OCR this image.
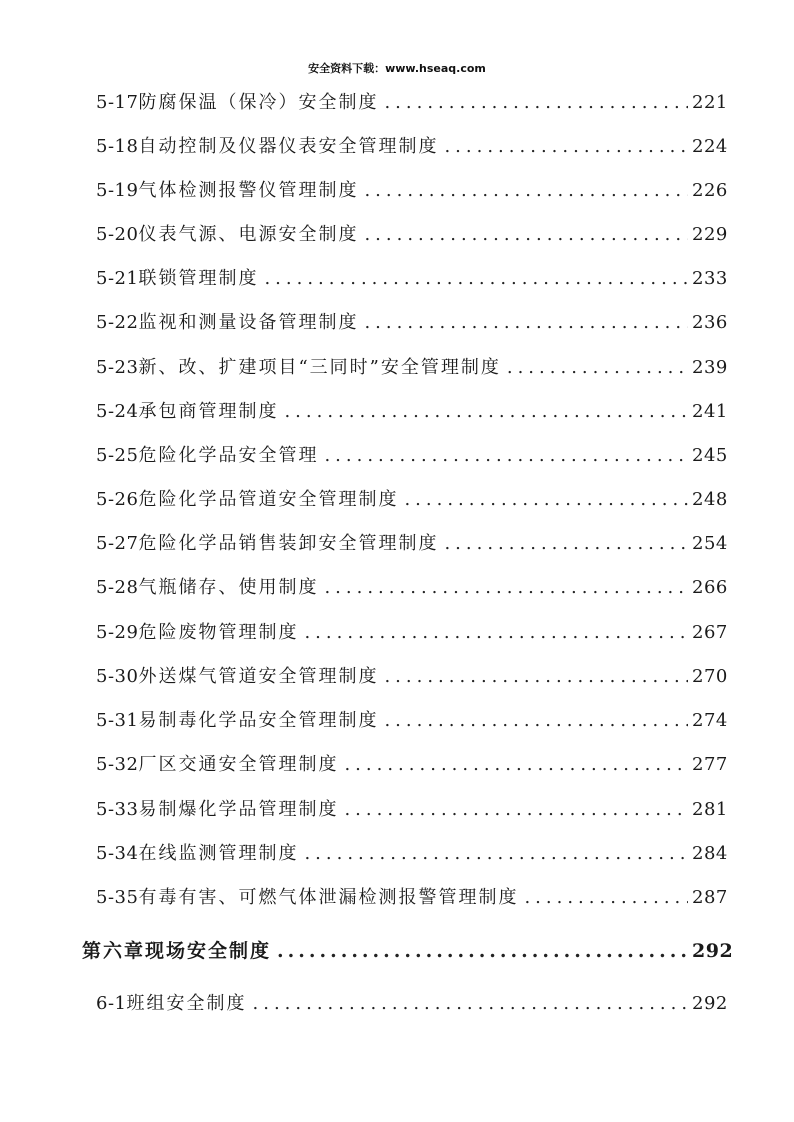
安全资料下载：www.hseaq.com
5-17 防腐保温（保冷）安全制度 .....	221
5-18 自动控制及仪器仪表安全管理制度 .....	224
5-19 气体检测报警仪管理制度 .....	226
5-20 仪表气源、电源安全制度 .....	229
5-21 联锁管理制度 .....	233
5-22 监视和测量设备管理制度 .....	236
5-23 新、改、扩建项目“三同时”安全管理制度 .....	239
5-24 承包商管理制度 .....	241
5-25 危险化学品安全管理 .....	245
5-26 危险化学品管道安全管理制度 .....	248
5-27 危险化学品销售装卸安全管理制度 .....	254
5-28 气瓶储存、使用制度 .....	266
5-29 危险废物管理制度 .....	267
5-30 外送煤气管道安全管理制度 .....	270
5-31 易制毒化学品安全管理制度 .....	274
5-32 厂区交通安全管理制度 .....	277
5-33 易制爆化学品管理制度 .....	281
5-34 在线监测管理制度 .....	284
5-35 有毒有害、可燃气体泄漏检测报警管理制度 .....	287
第六章现场安全制度 .....	292
6-1 班组安全制度 .....	292
